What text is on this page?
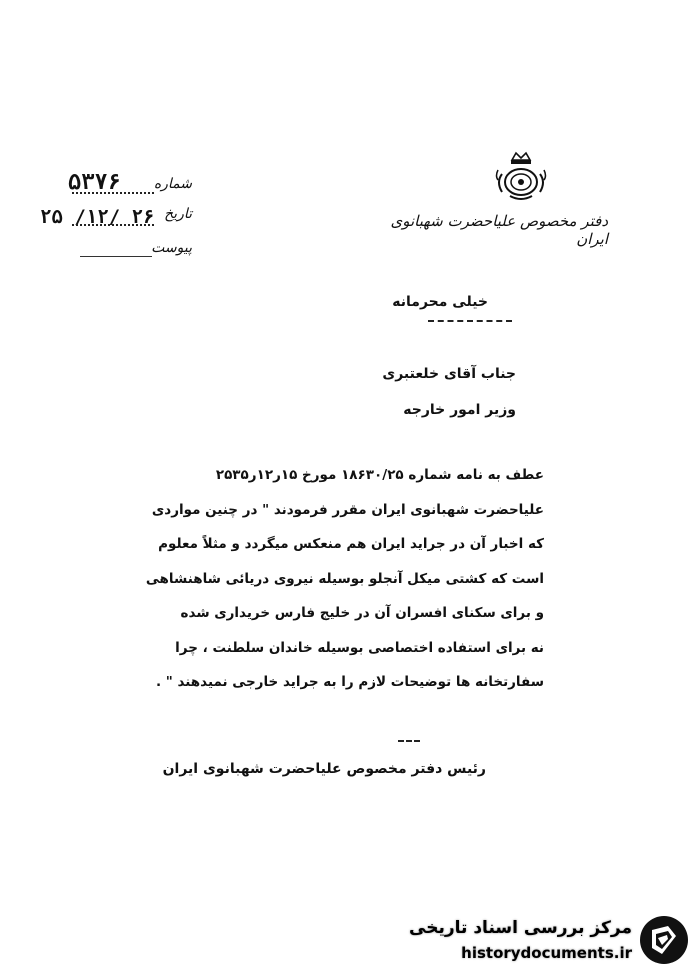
دفتر مخصوص علیاحضرت شهبانوی ایران
شماره
۵۳۷۶
تاریخ
۲۵ /۱۲/ ۲۶
پیوست
خیلی محرمانه
جناب آقای خلعتبری
وزیر امور خارجه
عطف به نامه شماره ۱۸۶۳۰/۲۵ مورخ ۱۵ر۱۲ر۲۵۳۵
علیاحضرت شهبانوی ایران مقرر فرمودند " در چنین مواردی
که اخبار آن در جراید ایران هم منعکس میگردد و مثلاً معلوم
است که کشتی میکل آنجلو بوسیله نیروی دریائی شاهنشاهی
و برای سکنای افسران آن در خلیج فارس خریداری شده
نه برای استفاده اختصاصی بوسیله خاندان سلطنت ، چرا
سفارتخانه ها توضیحات لازم را به جراید خارجی نمیدهند " .
رئیس دفتر مخصوص علیاحضرت شهبانوی ایران
مرکز بررسی اسناد تاریخی
historydocuments.ir
